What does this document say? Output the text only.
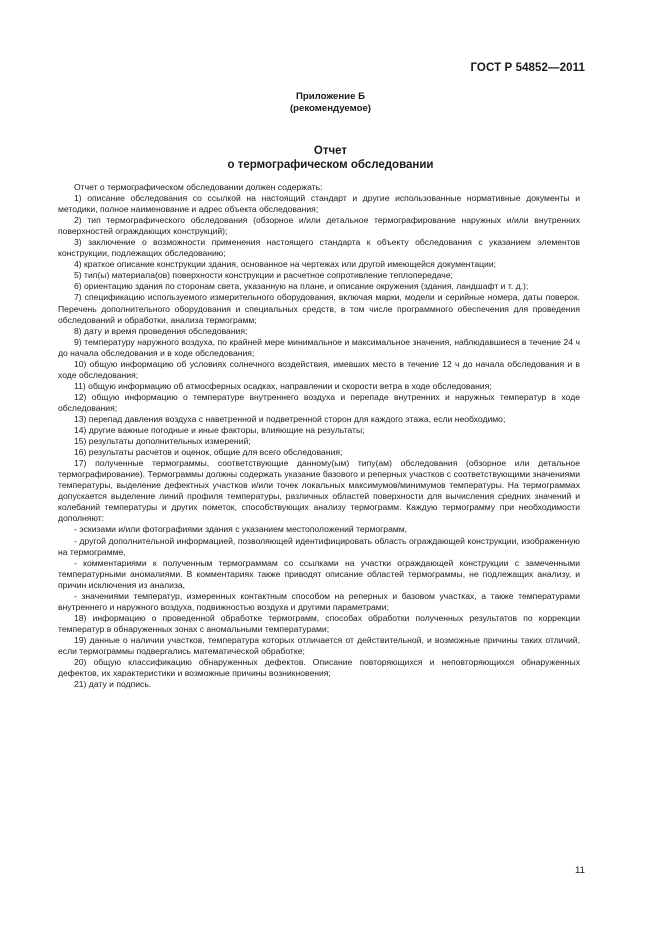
ГОСТ Р 54852—2011
Приложение Б
(рекомендуемое)
Отчет
о термографическом обследовании

Отчет о термографическом обследовании должен содержать:

1) описание обследования со ссылкой на настоящий стандарт и другие использованные нормативные документы и методики, полное наименование и адрес объекта обследования;

2) тип термографического обследования (обзорное и/или детальное термографирование наружных и/или внутренних поверхностей ограждающих конструкций);

3) заключение о возможности применения настоящего стандарта к объекту обследования с указанием элементов конструкции, подлежащих обследованию;

4) краткое описание конструкции здания, основанное на чертежах или другой имеющейся документации;

5) тип(ы) материала(ов) поверхности конструкции и расчетное сопротивление теплопередаче;

6) ориентацию здания по сторонам света, указанную на плане, и описание окружения (здания, ландшафт и т. д.);

7) спецификацию используемого измерительного оборудования, включая марки, модели и серийные номера, даты поверок. Перечень дополнительного оборудования и специальных средств, в том числе программного обеспечения для проведения обследований и обработки, анализа термограмм;

8) дату и время проведения обследования;

9) температуру наружного воздуха, по крайней мере минимальное и максимальное значения, наблюдавшиеся в течение 24 ч до начала обследования и в ходе обследования;

10) общую информацию об условиях солнечного воздействия, имевших место в течение 12 ч до начала обследования и в ходе обследования;

11) общую информацию об атмосферных осадках, направлении и скорости ветра в ходе обследования;

12) общую информацию о температуре внутреннего воздуха и перепаде внутренних и наружных температур в ходе обследования;

13) перепад давления воздуха с наветренной и подветренной сторон для каждого этажа, если необходимо;

14) другие важные погодные и иные факторы, влияющие на результаты;

15) результаты дополнительных измерений;

16) результаты расчетов и оценок, общие для всего обследования;

17) полученные термограммы, соответствующие данному(ым) типу(ам) обследования (обзорное или детальное термографирование). Термограммы должны содержать указание базового и реперных участков с соответствующими значениями температуры, выделение дефектных участков и/или точек локальных максимумов/минимумов температуры. На термограммах допускается выделение линий профиля температуры, различных областей поверхности для вычисления средних значений и колебаний температуры и других пометок, способствующих анализу термограмм. Каждую термограмму при необходимости дополняют:

- эскизами и/или фотографиями здания с указанием местоположений термограмм,

- другой дополнительной информацией, позволяющей идентифицировать область ограждающей конструкции, изображенную на термограмме,

- комментариями к полученным термограммам со ссылками на участки ограждающей конструкции с замеченными температурными аномалиями. В комментариях также приводят описание областей термограммы, не подлежащих анализу, и причин исключения из анализа,

- значениями температур, измеренных контактным способом на реперных и базовом участках, а также температурами внутреннего и наружного воздуха, подвижностью воздуха и другими параметрами;

18) информацию о проведенной обработке термограмм, способах обработки полученных результатов по коррекции температур в обнаруженных зонах с аномальными температурами;

19) данные о наличии участков, температура которых отличается от действительной, и возможные причины таких отличий, если термограммы подвергались математической обработке;

20) общую классификацию обнаруженных дефектов. Описание повторяющихся и неповторяющихся обнаруженных дефектов, их характеристики и возможные причины возникновения;

21) дату и подпись.

11
